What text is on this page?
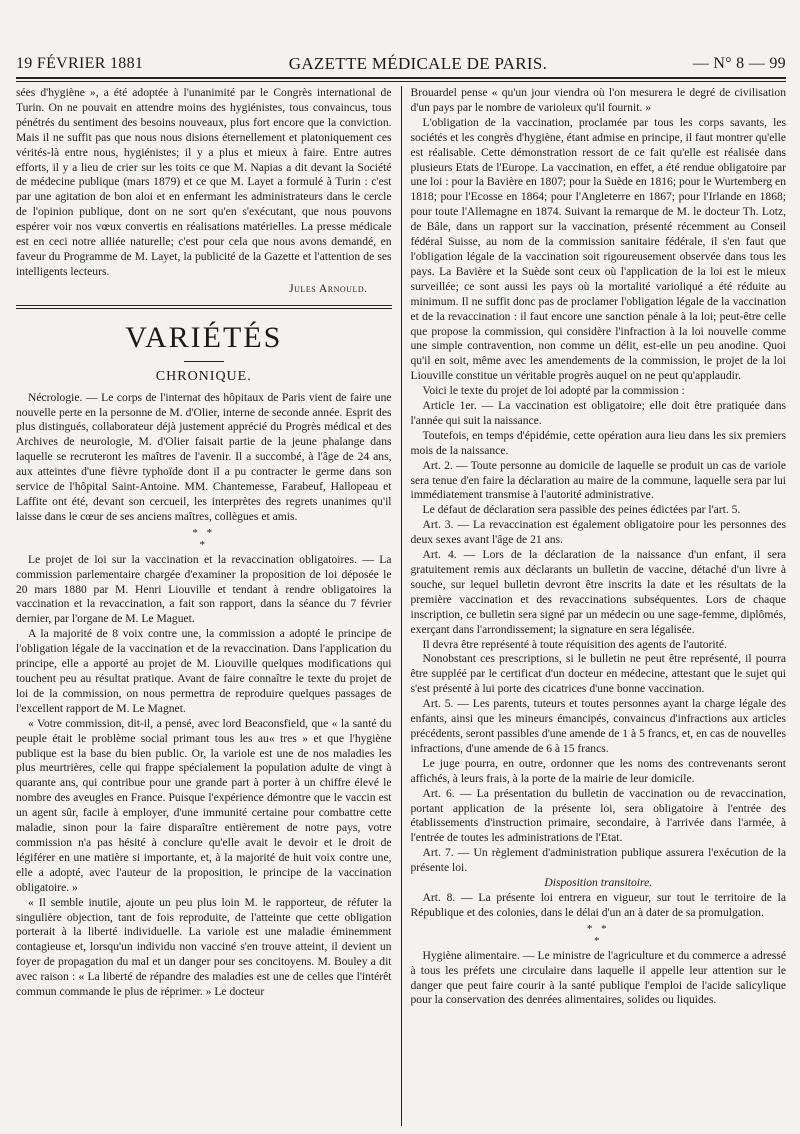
19 FÉVRIER 1881	GAZETTE MÉDICALE DE PARIS.	— N° 8 — 99

sées d'hygiène », a été adoptée à l'unanimité par le Congrès international de Turin. On ne pouvait en attendre moins des hygiénistes, tous convaincus, tous pénétrés du sentiment des besoins nouveaux, plus fort encore que la conviction. Mais il ne suffit pas que nous nous disions éternellement et platoniquement ces vérités-là entre nous, hygiénistes; il y a plus et mieux à faire. Entre autres efforts, il y a lieu de crier sur les toits ce que M. Napias a dit devant la Société de médecine publique (mars 1879) et ce que M. Layet a formulé à Turin : c'est par une agitation de bon aloi et en enfermant les administrateurs dans le cercle de l'opinion publique, dont on ne sort qu'en s'exécutant, que nous pouvons espérer voir nos vœux convertis en réalisations matérielles. La presse médicale est en ceci notre alliée naturelle; c'est pour cela que nous avons demandé, en faveur du Programme de M. Layet, la publicité de la Gazette et l'attention de ses intelligents lecteurs.

Jules Arnould.

VARIÉTÉS
CHRONIQUE.

Nécrologie. — Le corps de l'internat des hôpitaux de Paris vient de faire une nouvelle perte en la personne de M. d'Olier, interne de seconde année. Esprit des plus distingués, collaborateur déjà justement apprécié du Progrès médical et des Archives de neurologie, M. d'Olier faisait partie de la jeune phalange dans laquelle se recruteront les maîtres de l'avenir. Il a succombé, à l'âge de 24 ans, aux atteintes d'une fièvre typhoïde dont il a pu contracter le germe dans son service de l'hôpital Saint-Antoine. MM. Chantemesse, Farabeuf, Hallopeau et Laffite ont été, devant son cercueil, les interprètes des regrets unanimes qu'il laisse dans le cœur de ses anciens maîtres, collègues et amis.

* *
*

Le projet de loi sur la vaccination et la revaccination obligatoires. — La commission parlementaire chargée d'examiner la proposition de loi déposée le 20 mars 1880 par M. Henri Liouville et tendant à rendre obligatoires la vaccination et la revaccination, a fait son rapport, dans la séance du 7 février dernier, par l'organe de M. Le Maguet.

A la majorité de 8 voix contre une, la commission a adopté le principe de l'obligation légale de la vaccination et de la revaccination. Dans l'application du principe, elle a apporté au projet de M. Liouville quelques modifications qui touchent peu au résultat pratique. Avant de faire connaître le texte du projet de loi de la commission, on nous permettra de reproduire quelques passages de l'excellent rapport de M. Le Magnet.

« Votre commission, dit-il, a pensé, avec lord Beaconsfield, que « la santé du peuple était le problème social primant tous les au« tres » et que l'hygiène publique est la base du bien public. Or, la variole est une de nos maladies les plus meurtrières, celle qui frappe spécialement la population adulte de vingt à quarante ans, qui contribue pour une grande part à porter à un chiffre élevé le nombre des aveugles en France. Puisque l'expérience démontre que le vaccin est un agent sûr, facile à employer, d'une immunité certaine pour combattre cette maladie, sinon pour la faire disparaître entièrement de notre pays, votre commission n'a pas hésité à conclure qu'elle avait le devoir et le droit de légiférer en une matière si importante, et, à la majorité de huit voix contre une, elle a adopté, avec l'auteur de la proposition, le principe de la vaccination obligatoire. »

« Il semble inutile, ajoute un peu plus loin M. le rapporteur, de réfuter la singulière objection, tant de fois reproduite, de l'atteinte que cette obligation porterait à la liberté individuelle. La variole est une maladie éminemment contagieuse et, lorsqu'un individu non vacciné s'en trouve atteint, il devient un foyer de propagation du mal et un danger pour ses concitoyens. M. Bouley a dit avec raison : « La liberté de répandre des maladies est une de celles que l'intérêt commun commande le plus de réprimer. » Le docteur

Brouardel pense « qu'un jour viendra où l'on mesurera le degré de civilisation d'un pays par le nombre de varioleux qu'il fournit. »

L'obligation de la vaccination, proclamée par tous les corps savants, les sociétés et les congrès d'hygiène, étant admise en principe, il faut montrer qu'elle est réalisable. Cette démonstration ressort de ce fait qu'elle est réalisée dans plusieurs Etats de l'Europe. La vaccination, en effet, a été rendue obligatoire par une loi : pour la Bavière en 1807; pour la Suède en 1816; pour le Wurtemberg en 1818; pour l'Ecosse en 1864; pour l'Angleterre en 1867; pour l'Irlande en 1868; pour toute l'Allemagne en 1874. Suivant la remarque de M. le docteur Th. Lotz, de Bâle, dans un rapport sur la vaccination, présenté récemment au Conseil fédéral Suisse, au nom de la commission sanitaire fédérale, il s'en faut que l'obligation légale de la vaccination soit rigoureusement observée dans tous les pays. La Bavière et la Suède sont ceux où l'application de la loi est le mieux surveillée; ce sont aussi les pays où la mortalité varioliqué a été réduite au minimum. Il ne suffit donc pas de proclamer l'obligation légale de la vaccination et de la revaccination : il faut encore une sanction pénale à la loi; peut-être celle que propose la commission, qui considère l'infraction à la loi nouvelle comme une simple contravention, non comme un délit, est-elle un peu anodine. Quoi qu'il en soit, même avec les amendements de la commission, le projet de la loi Liouville constitue un véritable progrès auquel on ne peut qu'applaudir.

Voici le texte du projet de loi adopté par la commission :

Article 1er. — La vaccination est obligatoire; elle doit être pratiquée dans l'année qui suit la naissance.

Toutefois, en temps d'épidémie, cette opération aura lieu dans les six premiers mois de la naissance.

Art. 2. — Toute personne au domicile de laquelle se produit un cas de variole sera tenue d'en faire la déclaration au maire de la commune, laquelle sera par lui immédiatement transmise à l'autorité administrative.

Le défaut de déclaration sera passible des peines édictées par l'art. 5.

Art. 3. — La revaccination est également obligatoire pour les personnes des deux sexes avant l'âge de 21 ans.

Art. 4. — Lors de la déclaration de la naissance d'un enfant, il sera gratuitement remis aux déclarants un bulletin de vaccine, détaché d'un livre à souche, sur lequel bulletin devront être inscrits la date et les résultats de la première vaccination et des revaccinations subséquentes. Lors de chaque inscription, ce bulletin sera signé par un médecin ou une sage-femme, diplômés, exerçant dans l'arrondissement; la signature en sera légalisée.

Il devra être représenté à toute réquisition des agents de l'autorité.

Nonobstant ces prescriptions, si le bulletin ne peut être représenté, il pourra être suppléé par le certificat d'un docteur en médecine, attestant que le sujet qui s'est présenté à lui porte des cicatrices d'une bonne vaccination.

Art. 5. — Les parents, tuteurs et toutes personnes ayant la charge légale des enfants, ainsi que les mineurs émancipés, convaincus d'infractions aux articles précédents, seront passibles d'une amende de 1 à 5 francs, et, en cas de nouvelles infractions, d'une amende de 6 à 15 francs.

Le juge pourra, en outre, ordonner que les noms des contrevenants seront affichés, à leurs frais, à la porte de la mairie de leur domicile.

Art. 6. — La présentation du bulletin de vaccination ou de revaccination, portant application de la présente loi, sera obligatoire à l'entrée des établissements d'instruction primaire, secondaire, à l'arrivée dans l'armée, à l'entrée de toutes les administrations de l'Etat.

Art. 7. — Un règlement d'administration publique assurera l'exécution de la présente loi.

Disposition transitoire.

Art. 8. — La présente loi entrera en vigueur, sur tout le territoire de la République et des colonies, dans le délai d'un an à dater de sa promulgation.

* *
*

Hygiène alimentaire. — Le ministre de l'agriculture et du commerce a adressé à tous les préfets une circulaire dans laquelle il appelle leur attention sur le danger que peut faire courir à la santé publique l'emploi de l'acide salicylique pour la conservation des denrées alimentaires, solides ou liquides.
